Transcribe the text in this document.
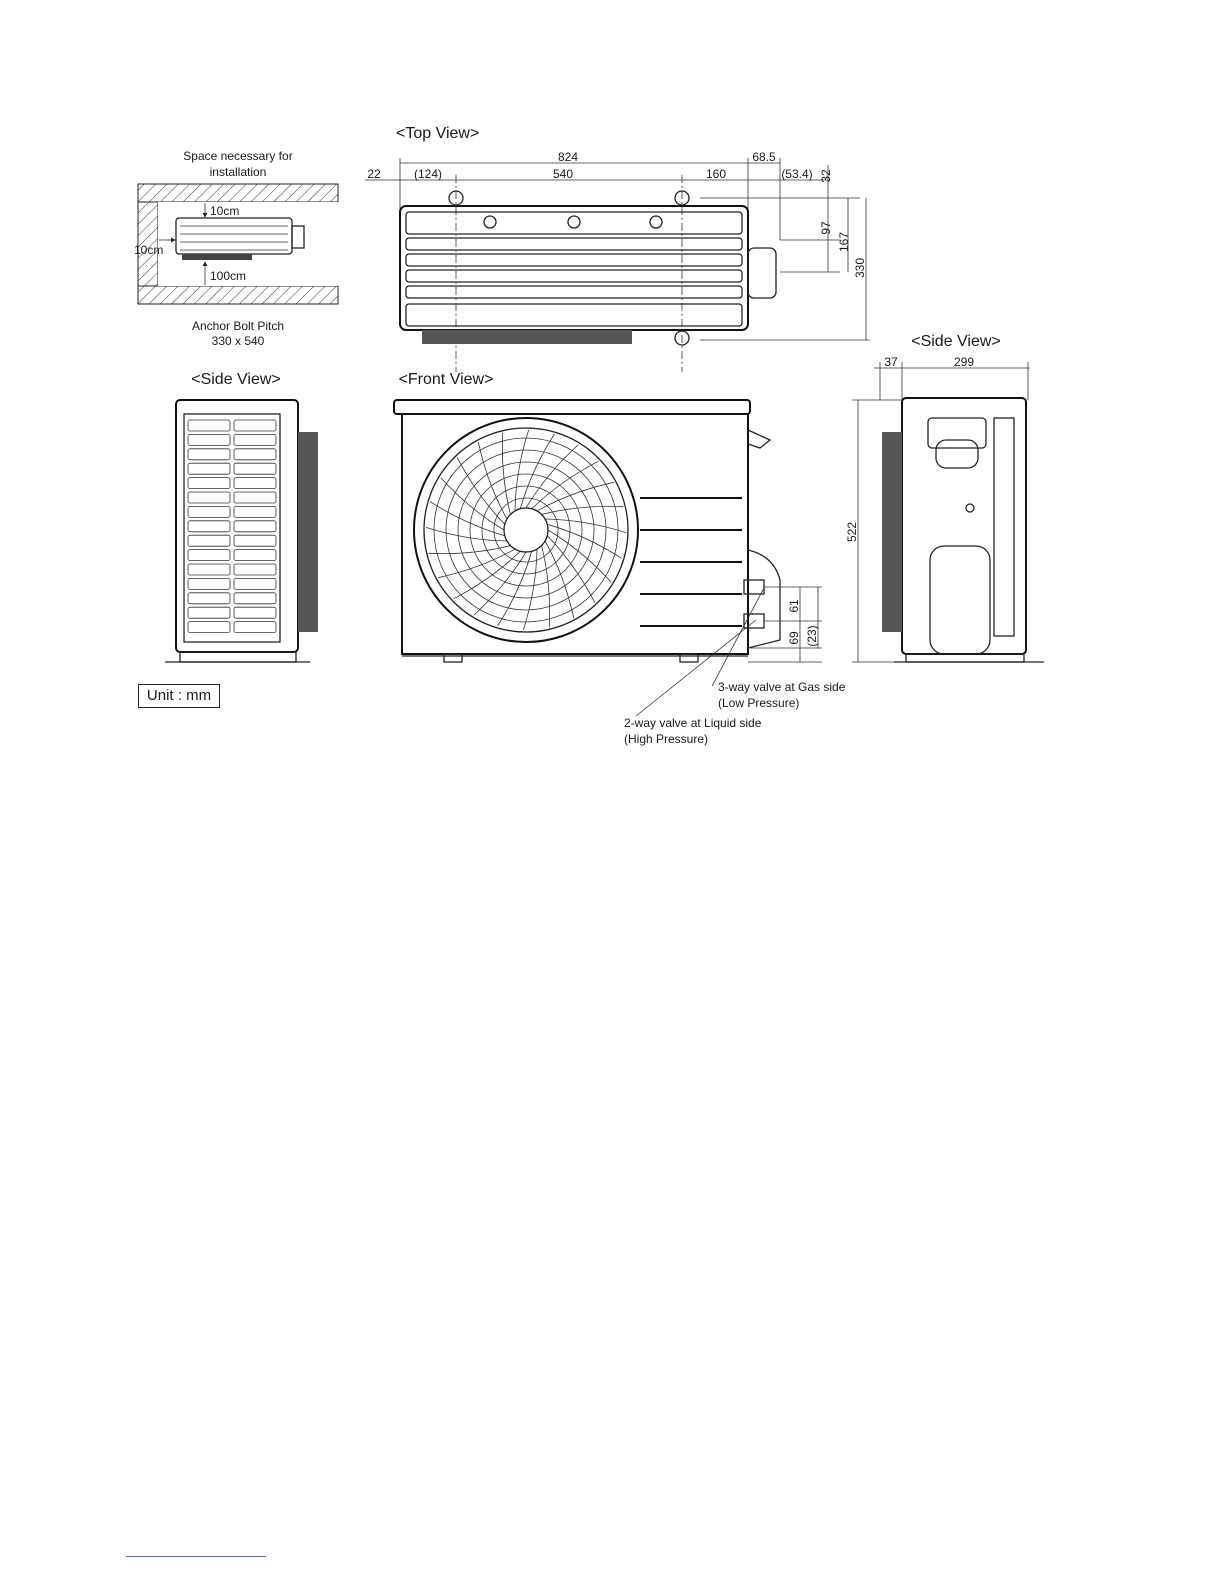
Space necessary for
installation
10cm
10cm
100cm
Anchor Bolt Pitch
330 x 540
<Top View>
824	68.5
22	(124)	540	160	(53.4) 32
97
167
330
<Side View>	<Front View>
61
69 (23)
3-way valve at Gas side
(Low Pressure)
2-way valve at Liquid side
(High Pressure)
<Side View>
37	299
522
Unit : mm
